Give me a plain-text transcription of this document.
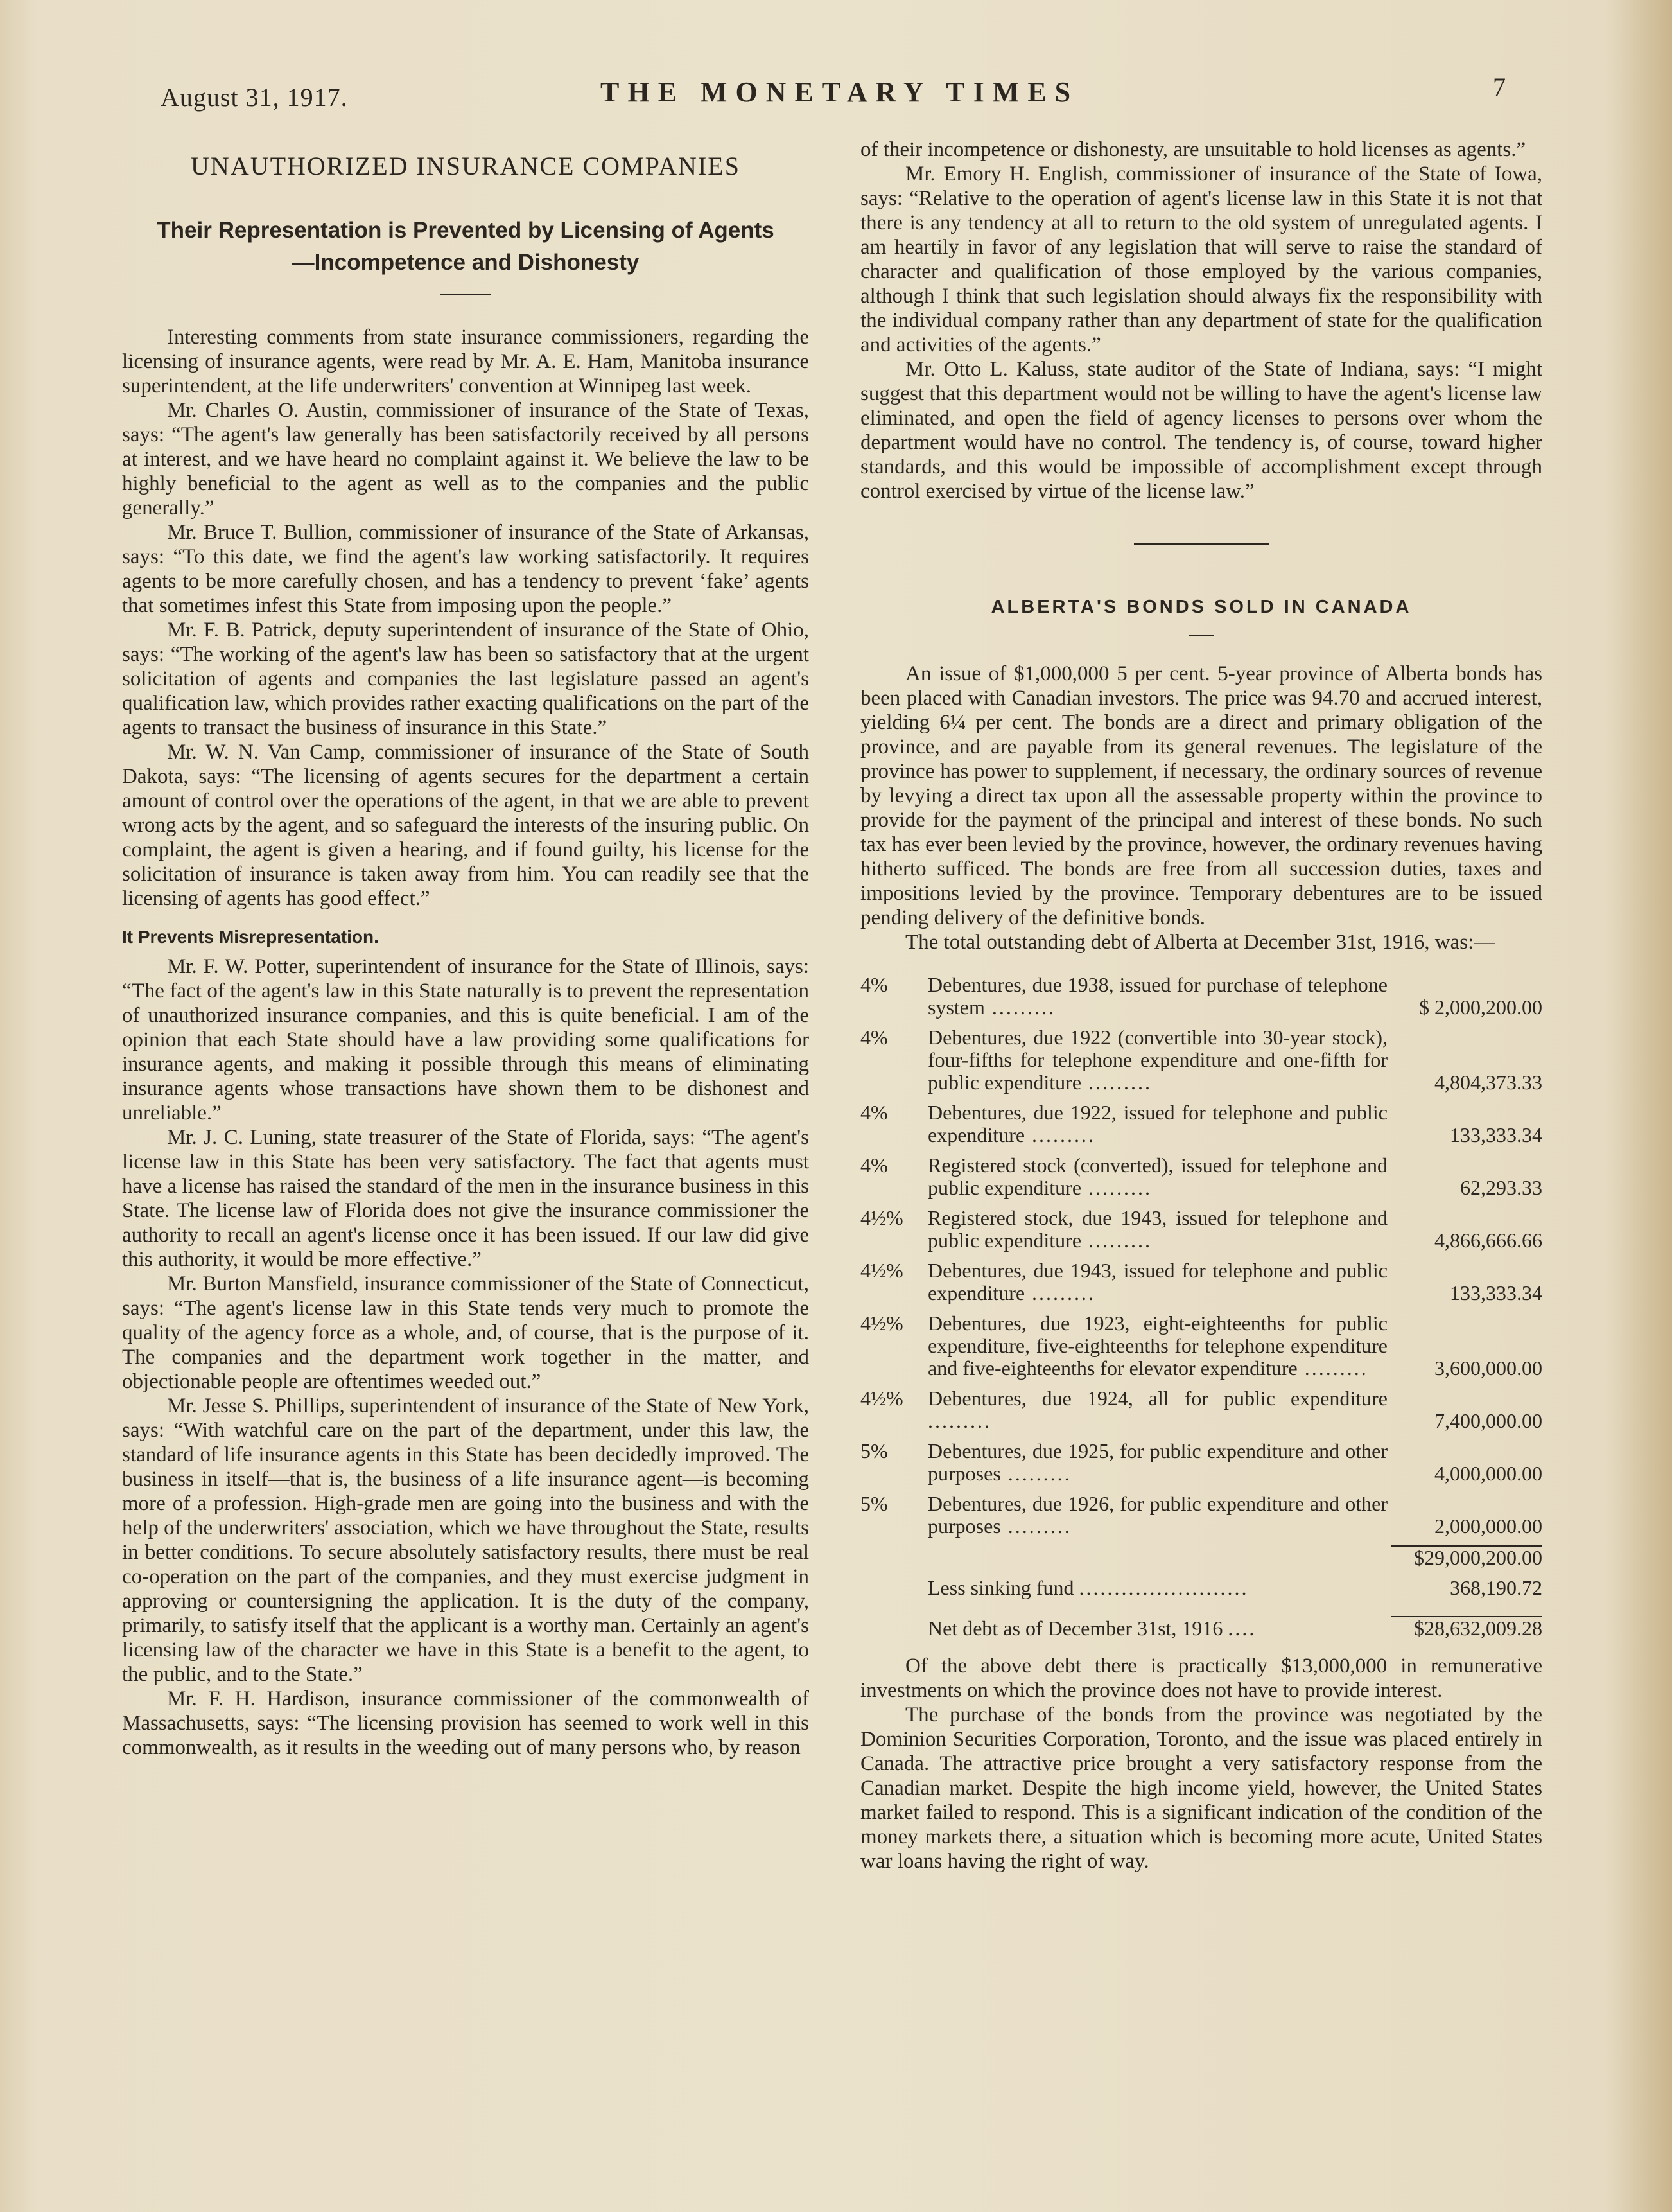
August 31, 1917.	THE MONETARY TIMES	7
UNAUTHORIZED INSURANCE COMPANIES
Their Representation is Prevented by Licensing of Agents
—Incompetence and Dishonesty

Interesting comments from state insurance commissioners, regarding the licensing of insurance agents, were read by Mr. A. E. Ham, Manitoba insurance superintendent, at the life underwriters' convention at Winnipeg last week.

Mr. Charles O. Austin, commissioner of insurance of the State of Texas, says: “The agent's law generally has been satisfactorily received by all persons at interest, and we have heard no complaint against it. We believe the law to be highly beneficial to the agent as well as to the companies and the public generally.”

Mr. Bruce T. Bullion, commissioner of insurance of the State of Arkansas, says: “To this date, we find the agent's law working satisfactorily. It requires agents to be more carefully chosen, and has a tendency to prevent ‘fake’ agents that sometimes infest this State from imposing upon the people.”

Mr. F. B. Patrick, deputy superintendent of insurance of the State of Ohio, says: “The working of the agent's law has been so satisfactory that at the urgent solicitation of agents and companies the last legislature passed an agent's qualification law, which provides rather exacting qualifications on the part of the agents to transact the business of insurance in this State.”

Mr. W. N. Van Camp, commissioner of insurance of the State of South Dakota, says: “The licensing of agents secures for the department a certain amount of control over the operations of the agent, in that we are able to prevent wrong acts by the agent, and so safeguard the interests of the insuring public. On complaint, the agent is given a hearing, and if found guilty, his license for the solicitation of insurance is taken away from him. You can readily see that the licensing of agents has good effect.”

It Prevents Misrepresentation.

Mr. F. W. Potter, superintendent of insurance for the State of Illinois, says: “The fact of the agent's law in this State naturally is to prevent the representation of unauthorized insurance companies, and this is quite beneficial. I am of the opinion that each State should have a law providing some qualifications for insurance agents, and making it possible through this means of eliminating insurance agents whose transactions have shown them to be dishonest and unreliable.”

Mr. J. C. Luning, state treasurer of the State of Florida, says: “The agent's license law in this State has been very satisfactory. The fact that agents must have a license has raised the standard of the men in the insurance business in this State. The license law of Florida does not give the insurance commissioner the authority to recall an agent's license once it has been issued. If our law did give this authority, it would be more effective.”

Mr. Burton Mansfield, insurance commissioner of the State of Connecticut, says: “The agent's license law in this State tends very much to promote the quality of the agency force as a whole, and, of course, that is the purpose of it. The companies and the department work together in the matter, and objectionable people are oftentimes weeded out.”

Mr. Jesse S. Phillips, superintendent of insurance of the State of New York, says: “With watchful care on the part of the department, under this law, the standard of life insurance agents in this State has been decidedly improved. The business in itself—that is, the business of a life insurance agent—is becoming more of a profession. High-grade men are going into the business and with the help of the underwriters' association, which we have throughout the State, results in better conditions. To secure absolutely satisfactory results, there must be real co-operation on the part of the companies, and they must exercise judgment in approving or countersigning the application. It is the duty of the company, primarily, to satisfy itself that the applicant is a worthy man. Certainly an agent's licensing law of the character we have in this State is a benefit to the agent, to the public, and to the State.”

Mr. F. H. Hardison, insurance commissioner of the commonwealth of Massachusetts, says: “The licensing provision has seemed to work well in this commonwealth, as it results in the weeding out of many persons who, by reason

of their incompetence or dishonesty, are unsuitable to hold licenses as agents.”

Mr. Emory H. English, commissioner of insurance of the State of Iowa, says: “Relative to the operation of agent's license law in this State it is not that there is any tendency at all to return to the old system of unregulated agents. I am heartily in favor of any legislation that will serve to raise the standard of character and qualification of those employed by the various companies, although I think that such legislation should always fix the responsibility with the individual company rather than any department of state for the qualification and activities of the agents.”

Mr. Otto L. Kaluss, state auditor of the State of Indiana, says: “I might suggest that this department would not be willing to have the agent's license law eliminated, and open the field of agency licenses to persons over whom the department would have no control. The tendency is, of course, toward higher standards, and this would be impossible of accomplishment except through control exercised by virtue of the license law.”

ALBERTA'S BONDS SOLD IN CANADA

An issue of $1,000,000 5 per cent. 5-year province of Alberta bonds has been placed with Canadian investors. The price was 94.70 and accrued interest, yielding 6¼ per cent. The bonds are a direct and primary obligation of the province, and are payable from its general revenues. The legislature of the province has power to supplement, if necessary, the ordinary sources of revenue by levying a direct tax upon all the assessable property within the province to provide for the payment of the principal and interest of these bonds. No such tax has ever been levied by the province, however, the ordinary revenues having hitherto sufficed. The bonds are free from all succession duties, taxes and impositions levied by the province. Temporary debentures are to be issued pending delivery of the definitive bonds.

The total outstanding debt of Alberta at December 31st, 1916, was:—

4%	Debentures, due 1938, issued for purchase of telephone system .........	$ 2,000,200.00
4%	Debentures, due 1922 (convertible into 30-year stock), four-fifths for telephone expenditure and one-fifth for public expenditure .........	4,804,373.33
4%	Debentures, due 1922, issued for telephone and public expenditure .........	133,333.34
4%	Registered stock (converted), issued for telephone and public expenditure .........	62,293.33
4½%	Registered stock, due 1943, issued for telephone and public expenditure .........	4,866,666.66
4½%	Debentures, due 1943, issued for telephone and public expenditure .........	133,333.34
4½%	Debentures, due 1923, eight-eighteenths for public expenditure, five-eighteenths for telephone expenditure and five-eighteenths for elevator expenditure .........	3,600,000.00
4½%	Debentures, due 1924, all for public expenditure .........	7,400,000.00
5%	Debentures, due 1925, for public expenditure and other purposes .........	4,000,000.00
5%	Debentures, due 1926, for public expenditure and other purposes .........	2,000,000.00
		$29,000,200.00
	Less sinking fund ........................	368,190.72
	Net debt as of December 31st, 1916 ....	$28,632,009.28

Of the above debt there is practically $13,000,000 in remunerative investments on which the province does not have to provide interest.

The purchase of the bonds from the province was negotiated by the Dominion Securities Corporation, Toronto, and the issue was placed entirely in Canada. The attractive price brought a very satisfactory response from the Canadian market. Despite the high income yield, however, the United States market failed to respond. This is a significant indication of the condition of the money markets there, a situation which is becoming more acute, United States war loans having the right of way.
